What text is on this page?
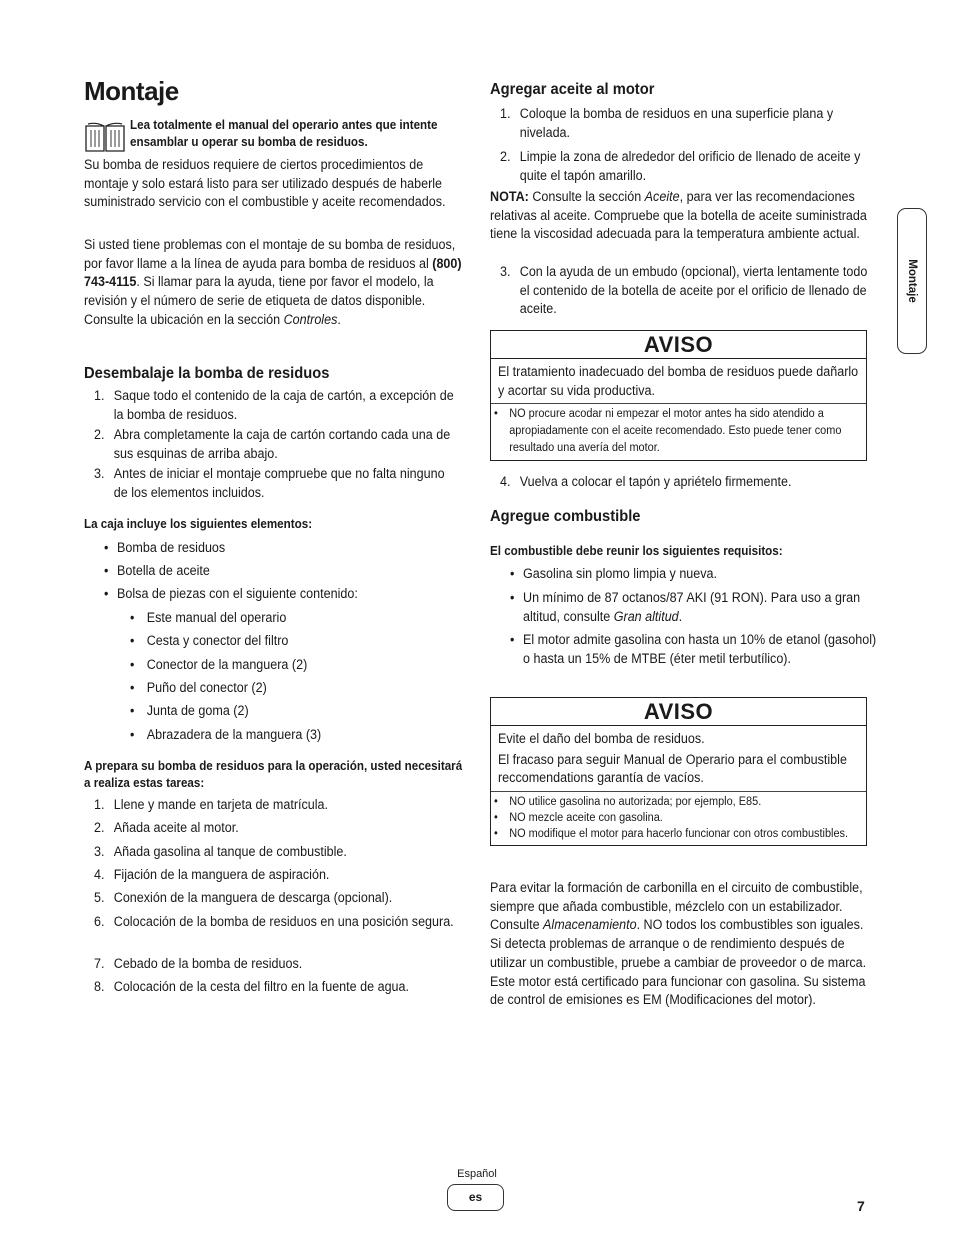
Montaje
Lea totalmente el manual del operario antes que intente ensamblar u operar su bomba de residuos.

Su bomba de residuos requiere de ciertos procedimientos de montaje y solo estará listo para ser utilizado después de haberle suministrado servicio con el combustible y aceite recomendados.

Si usted tiene problemas con el montaje de su bomba de residuos, por favor llame a la línea de ayuda para bomba de residuos al (800) 743-4115. Si llamar para la ayuda, tiene por favor el modelo, la revisión y el número de serie de etiqueta de datos disponible. Consulte la ubicación en la sección Controles.

Desembalaje la bomba de residuos
1. Saque todo el contenido de la caja de cartón, a excepción de la bomba de residuos.
2. Abra completamente la caja de cartón cortando cada una de sus esquinas de arriba abajo.
3. Antes de iniciar el montaje compruebe que no falta ninguno de los elementos incluidos.
La caja incluye los siguientes elementos:
• Bomba de residuos
• Botella de aceite
• Bolsa de piezas con el siguiente contenido:
• Este manual del operario
• Cesta y conector del filtro
• Conector de la manguera (2)
• Puño del conector (2)
• Junta de goma (2)
• Abrazadera de la manguera (3)
A prepara su bomba de residuos para la operación, usted necesitará a realiza estas tareas:
1. Llene y mande en tarjeta de matrícula.
2. Añada aceite al motor.
3. Añada gasolina al tanque de combustible.
4. Fijación de la manguera de aspiración.
5. Conexión de la manguera de descarga (opcional).
6. Colocación de la bomba de residuos en una posición segura.
7. Cebado de la bomba de residuos.
8. Colocación de la cesta del filtro en la fuente de agua.
Agregar aceite al motor
1. Coloque la bomba de residuos en una superficie plana y nivelada.
2. Limpie la zona de alrededor del orificio de llenado de aceite y quite el tapón amarillo.

NOTA: Consulte la sección Aceite, para ver las recomendaciones relativas al aceite. Compruebe que la botella de aceite suministrada tiene la viscosidad adecuada para la temperatura ambiente actual.

3. Con la ayuda de un embudo (opcional), vierta lentamente todo el contenido de la botella de aceite por el orificio de llenado de aceite.
AVISO

El tratamiento inadecuado del bomba de residuos puede dañarlo y acortar su vida productiva.

• NO procure acodar ni empezar el motor antes ha sido atendido a apropiadamente con el aceite recomendado. Esto puede tener como resultado una avería del motor.
4. Vuelva a colocar el tapón y apriételo firmemente.
Agregue combustible
El combustible debe reunir los siguientes requisitos:
• Gasolina sin plomo limpia y nueva.
• Un mínimo de 87 octanos/87 AKI (91 RON). Para uso a gran altitud, consulte Gran altitud.
• El motor admite gasolina con hasta un 10% de etanol (gasohol) o hasta un 15% de MTBE (éter metil terbutílico).
AVISO

Evite el daño del bomba de residuos.

El fracaso para seguir Manual de Operario para el combustible reccomendations garantía de vacíos.

• NO utilice gasolina no autorizada; por ejemplo, E85.
• NO mezcle aceite con gasolina.
• NO modifique el motor para hacerlo funcionar con otros combustibles.

Para evitar la formación de carbonilla en el circuito de combustible, siempre que añada combustible, mézclelo con un estabilizador. Consulte Almacenamiento. NO todos los combustibles son iguales. Si detecta problemas de arranque o de rendimiento después de utilizar un combustible, pruebe a cambiar de proveedor o de marca. Este motor está certificado para funcionar con gasolina. Su sistema de control de emisiones es EM (Modificaciones del motor).

Montaje
Español
es
7
